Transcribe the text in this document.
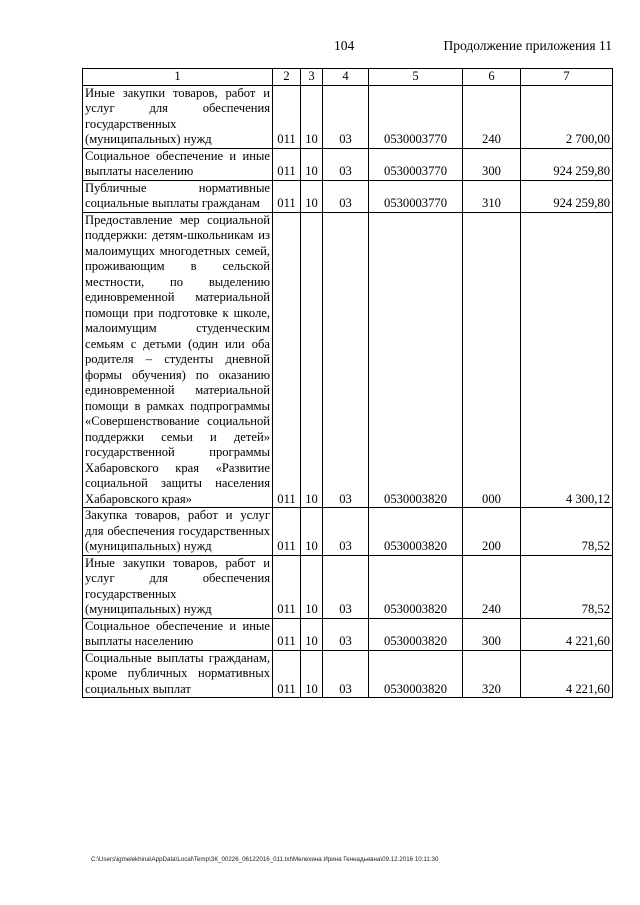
104	Продолжение приложения 11
1	2	3	4	5	6	7
Иные закупки товаров, работ и услуг для обеспечения государственных (муниципальных) нужд	011	10	03	0530003770	240	2 700,00
Социальное обеспечение и иные выплаты населению	011	10	03	0530003770	300	924 259,80
Публичные нормативные социальные выплаты гражданам	011	10	03	0530003770	310	924 259,80
Предоставление мер социальной поддержки: детям-школьникам из малоимущих многодетных семей, проживающим в сельской местности, по выделению единовременной материальной помощи при подготовке к школе, малоимущим студенческим семьям с детьми (один или оба родителя – студенты дневной формы обучения) по оказанию единовременной материальной помощи в рамках подпрограммы «Совершенствование социальной поддержки семьи и детей» государственной программы Хабаровского края «Развитие социальной защиты населения Хабаровского края»	011	10	03	0530003820	000	4 300,12
Закупка товаров, работ и услуг для обеспечения государственных (муниципальных) нужд	011	10	03	0530003820	200	78,52
Иные закупки товаров, работ и услуг для обеспечения государственных (муниципальных) нужд	011	10	03	0530003820	240	78,52
Социальное обеспечение и иные выплаты населению	011	10	03	0530003820	300	4 221,60
Социальные выплаты гражданам, кроме публичных нормативных социальных выплат	011	10	03	0530003820	320	4 221,60
C:\Users\igmelekhina\AppData\Local\Temp\ЗК_00226_06122016_011.txt\Мелехина Ирина Геннадьевна\09.12.2016 10:11:30
